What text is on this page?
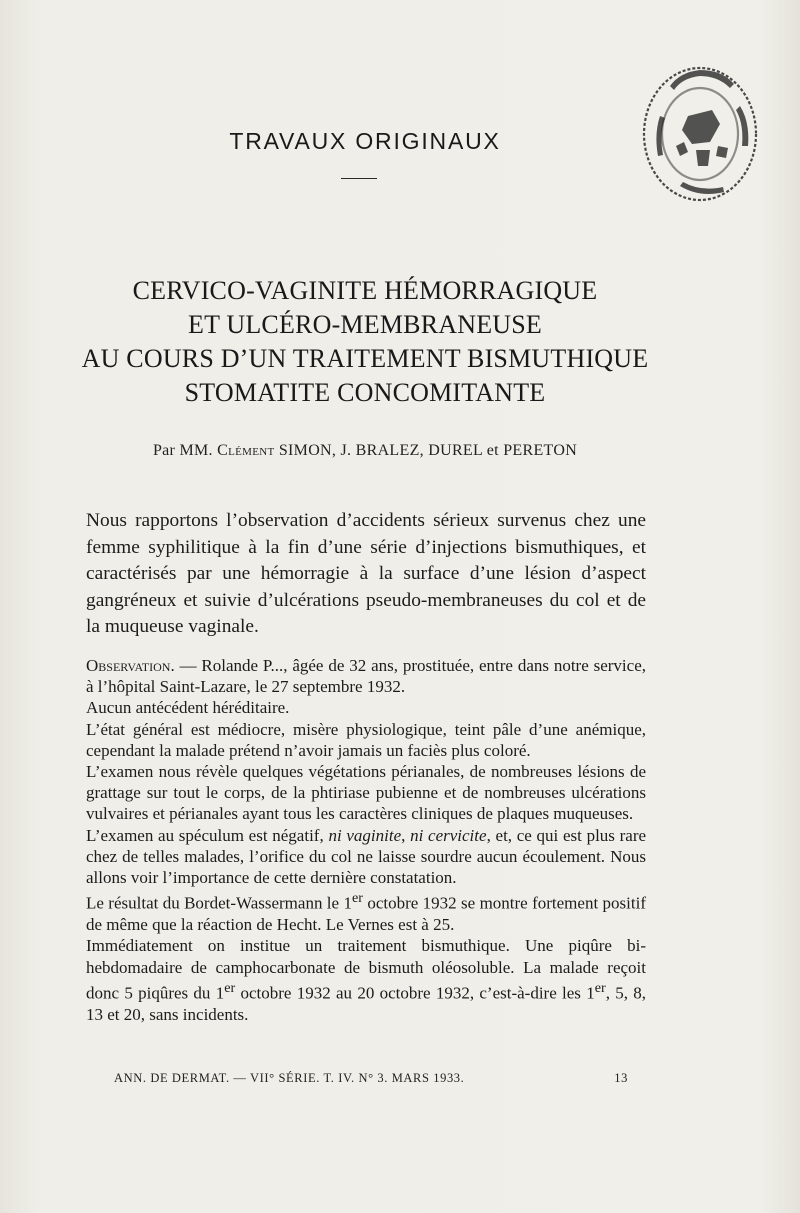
TRAVAUX ORIGINAUX
CERVICO-VAGINITE HÉMORRAGIQUE
ET ULCÉRO-MEMBRANEUSE
AU COURS D’UN TRAITEMENT BISMUTHIQUE
STOMATITE CONCOMITANTE
Par MM. Clément SIMON, J. BRALEZ, DUREL et PERETON
Nous rapportons l’observation d’accidents sérieux survenus chez une femme syphilitique à la fin d’une série d’injections bismuthiques, et caractérisés par une hémorragie à la surface d’une lésion d’aspect gangréneux et suivie d’ulcérations pseudo-membraneuses du col et de la muqueuse vaginale.

Observation. — Rolande P..., âgée de 32 ans, prostituée, entre dans notre service, à l’hôpital Saint-Lazare, le 27 septembre 1932.

Aucun antécédent héréditaire.

L’état général est médiocre, misère physiologique, teint pâle d’une anémique, cependant la malade prétend n’avoir jamais un faciès plus coloré.

L’examen nous révèle quelques végétations périanales, de nombreuses lésions de grattage sur tout le corps, de la phtiriase pubienne et de nombreuses ulcérations vulvaires et périanales ayant tous les caractères cliniques de plaques muqueuses.

L’examen au spéculum est négatif, ni vaginite, ni cervicite, et, ce qui est plus rare chez de telles malades, l’orifice du col ne laisse sourdre aucun écoulement. Nous allons voir l’importance de cette dernière constatation.

Le résultat du Bordet-Wassermann le 1er octobre 1932 se montre fortement positif de même que la réaction de Hecht. Le Vernes est à 25.

Immédiatement on institue un traitement bismuthique. Une piqûre bi-hebdomadaire de camphocarbonate de bismuth oléosoluble. La malade reçoit donc 5 piqûres du 1er octobre 1932 au 20 octobre 1932, c’est-à-dire les 1er, 5, 8, 13 et 20, sans incidents.

ANN. DE DERMAT. — VII° SÉRIE. T. IV. N° 3. MARS 1933.	13
